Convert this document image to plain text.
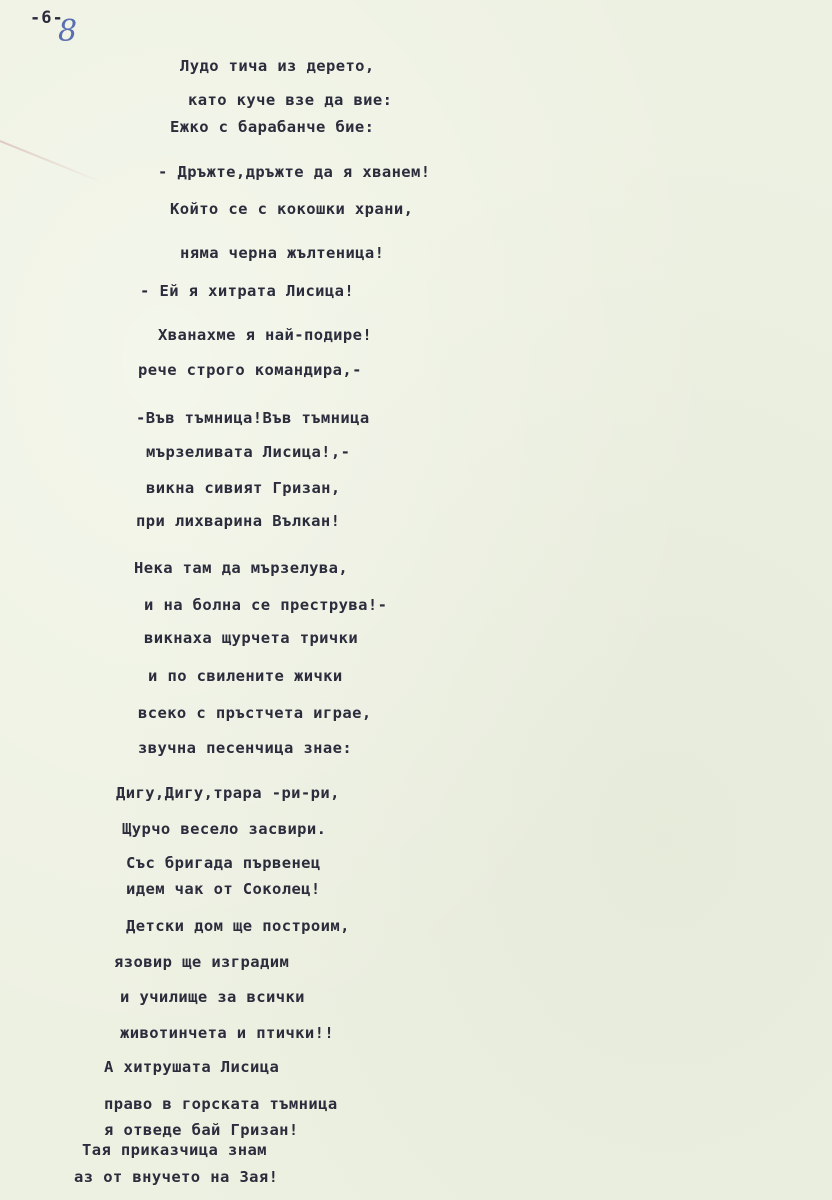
-6-
8
Лудо тича из дерето,
като куче взе да вие:
Ежко с барабанче бие:
- Дръжте,дръжте да я хванем!
Който се с кокошки храни,
няма черна жълтеница!
- Ей я хитрата Лисица!
Хванахме я най-подире!
рече строго командира,-
-Във тъмница!Във тъмница
мързеливата Лисица!,-
викна сивият Гризан,
при лихварина Вълкан!
Нека там да мързелува,
и на болна се преструва!-
викнаха щурчета трички
и по свилените жички
всеко с пръстчета играе,
звучна песенчица знае:
Дигу,Дигу,трара -ри-ри,
Щурчо весело засвири.
Със бригада първенец
идем чак от Соколец!
Детски дом ще построим,
язовир ще изградим
и училище за всички
животинчета и птички!!
А хитрушата Лисица
право в горската тъмница
я отведе бай Гризан!
Тая приказчица знам
аз от внучето на Зая!
